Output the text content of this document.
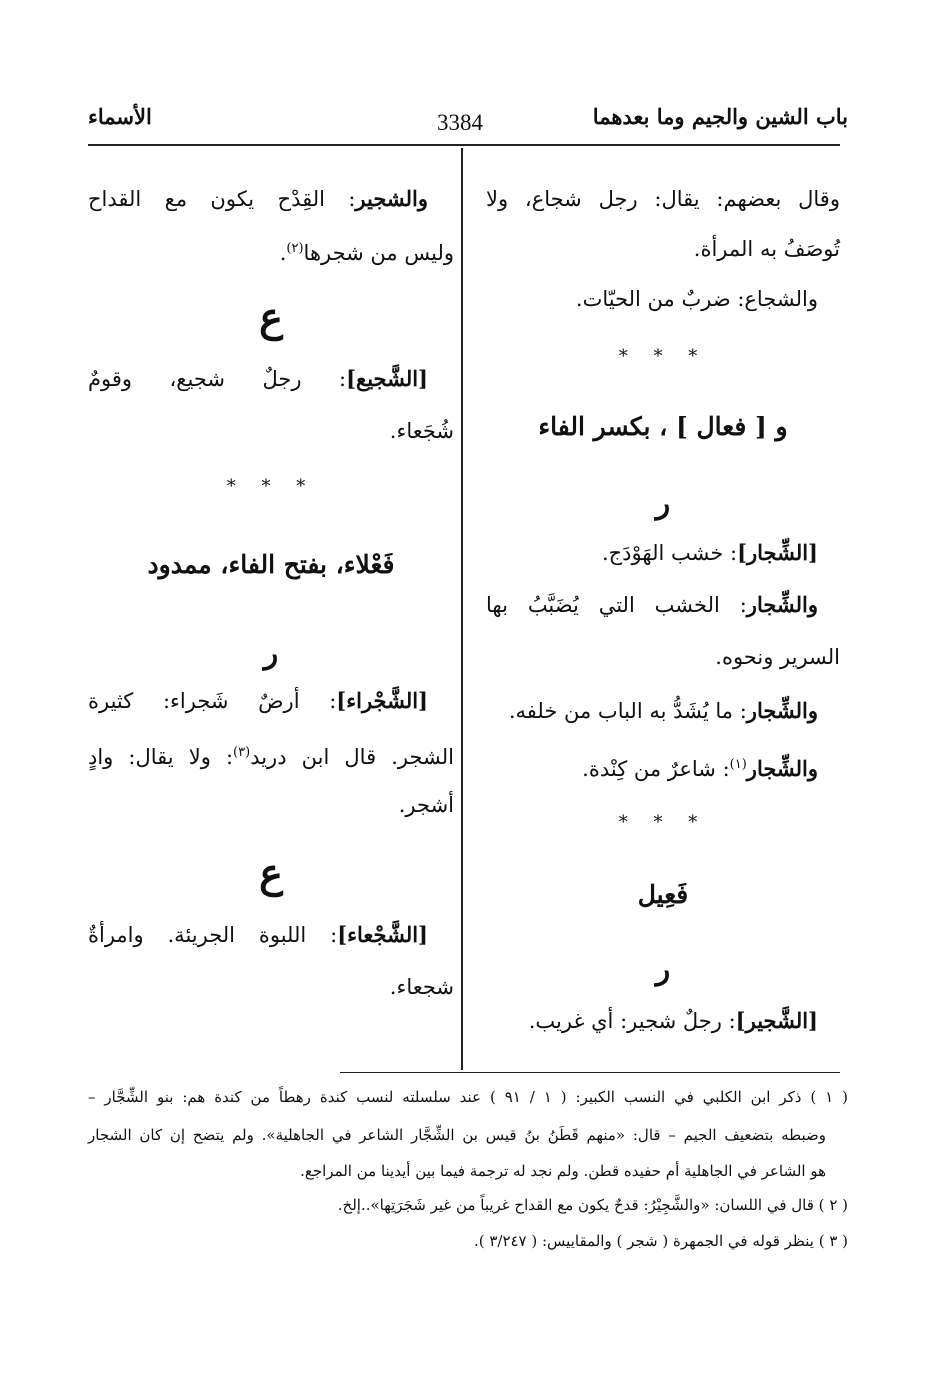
الأسماء	3384	باب الشين والجيم وما بعدهما
وقال بعضهم: يقال: رجل شجاع، ولا
تُوصَفُ به المرأة.
والشجاع: ضربٌ من الحيّات.
* * *
و [ فعال ] ، بكسر الفاء
ر
[الشِّجار]: خشب الهَوْدَج.
والشِّجار: الخشب التي يُضَبَّبُ بها
السرير ونحوه.
والشِّجار: ما يُشَدُّ به الباب من خلفه.
والشِّجار$^{(١)}$: شاعرٌ من كِنْدة.
* * *
فَعِيل
ر
[الشَّجير]: رجلٌ شجير: أي غريب.
والشجير: القِدْح يكون مع القداح
وليس من شجرها$^{(٢)}$.
ع
[الشَّجيع]: رجلٌ شجيع، وقومٌ
شُجَعاء.
* * *
فَعْلاء، بفتح الفاء، ممدود
ر
[الشَّجْراء]: أرضٌ شَجراء: كثيرة
الشجر. قال ابن دريد$^{(٣)}$: ولا يقال: وادٍ
أشجر.
ع
[الشَّجْعاء]: اللبوة الجريئة. وامرأةٌ
شجعاء.
( ١ ) ذكر ابن الكلبي في النسب الكبير: ( ١ / ٩١ ) عند سلسلته لنسب كندة رهطاً من كندة هم: بنو الشِّجَّار –
وضبطه بتضعيف الجيم – قال: «منهم قَطَنُ بنُ قيس بن الشِّجَّار الشاعر في الجاهلية». ولم يتضح إن كان الشجار
هو الشاعر في الجاهلية أم حفيده قطن. ولم نجد له ترجمة فيما بين أيدينا من المراجع.
( ٢ ) قال في اللسان: «والشَّجِيْرُ: قدحٌ يكون مع القداح غريباً من غير شَجَرَتِها»..إلخ.
( ٣ ) ينظر قوله في الجمهرة ( شجر ) والمقاييس: ( ٣/٢٤٧ ).
